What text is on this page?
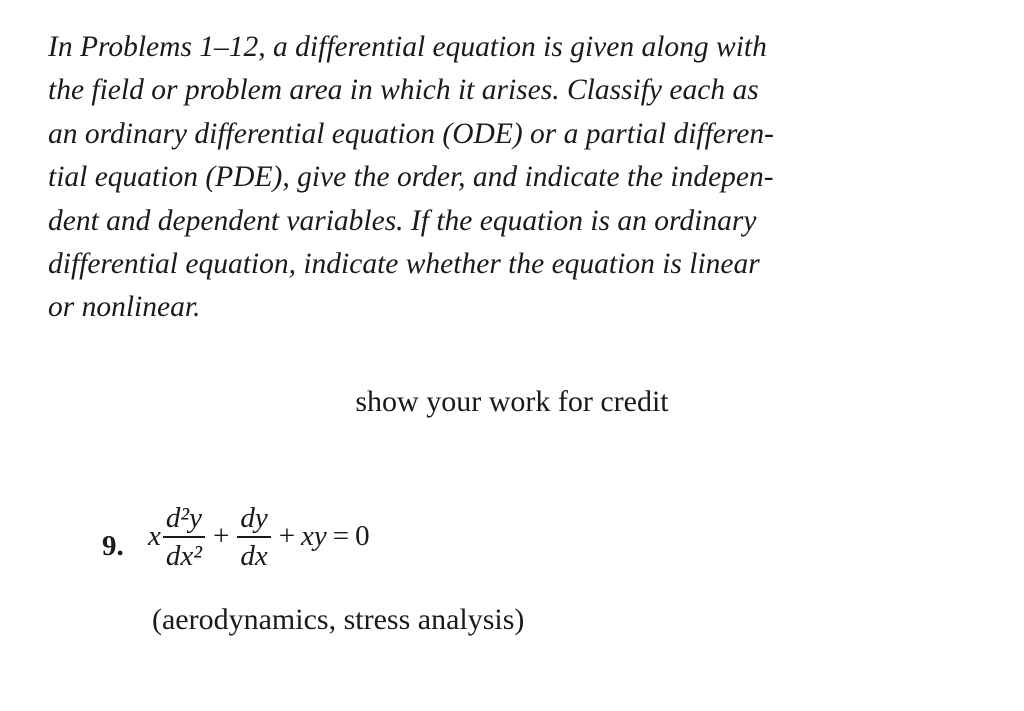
In Problems 1–12, a differential equation is given along with
the field or problem area in which it arises. Classify each as
an ordinary differential equation (ODE) or a partial differen-
tial equation (PDE), give the order, and indicate the indepen-
dent and dependent variables. If the equation is an ordinary
differential equation, indicate whether the equation is linear
or nonlinear.
show your work for credit
9. x $\frac{\text{d²y}}{\text{dx²}} + \frac{dy}{dx}$ + xy = 0
(aerodynamics, stress analysis)
